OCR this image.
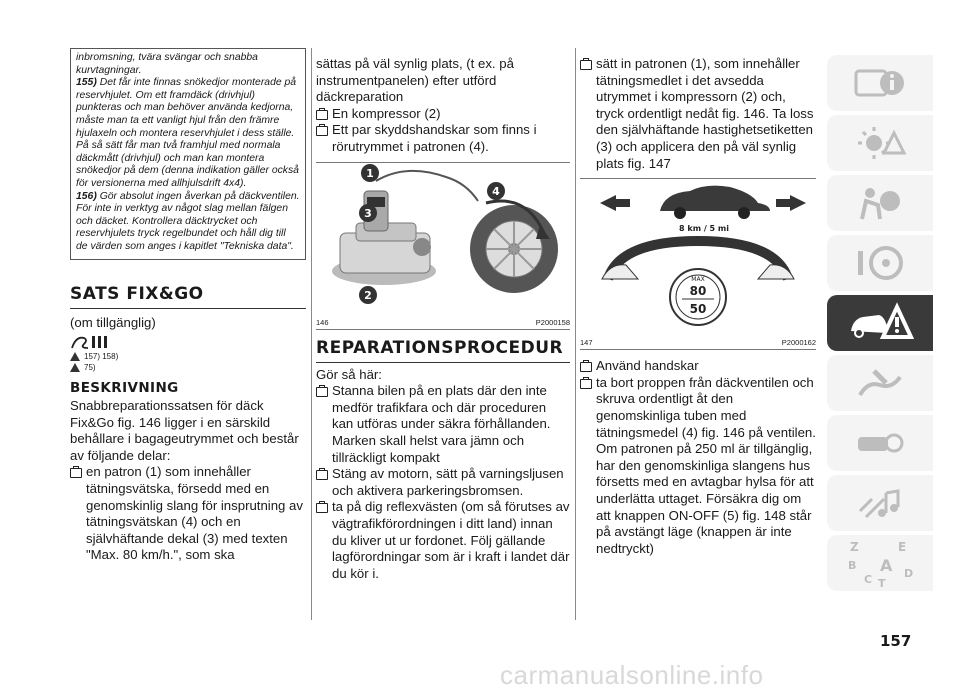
inbromsning, tvära svängar och snabba kurvtagningar.

155) Det får inte finnas snökedjor monterade på reservhjulet. Om ett framdäck (drivhjul) punkteras och man behöver använda kedjorna, måste man ta ett vanligt hjul från den främre hjulaxeln och montera reservhjulet i dess ställe. På så sätt får man två framhjul med normala däckmått (drivhjul) och man kan montera snökedjor på dem (denna indikation gäller också för versionerna med allhjulsdrift 4x4).

156) Gör absolut ingen åverkan på däckventilen. För inte in verktyg av något slag mellan fälgen och däcket. Kontrollera däcktrycket och reservhjulets tryck regelbundet och håll dig till de värden som anges i kapitlet "Tekniska data".

SATS FIX&GO

(om tillgänglig)

157) 158)
75)
BESKRIVNING

Snabbreparationssatsen för däck Fix&Go fig. 146 ligger i en särskild behållare i bagageutrymmet och består av följande delar:

en patron (1) som innehåller tätningsvätska, försedd med en genomskinlig slang för insprutning av tätningsvätskan (4) och en självhäftande dekal (3) med texten "Max. 80 km/h.", som ska

sättas på väl synlig plats, (t ex. på instrumentpanelen) efter utförd däckreparation

En kompressor (2)
Ett par skyddshandskar som finns i rörutrymmet i patronen (4).
1
3
4
2
146	P2000158
REPARATIONSPROCEDUR

Gör så här:

Stanna bilen på en plats där den inte medför trafikfara och där proceduren kan utföras under säkra förhållanden. Marken skall helst vara jämn och tillräckligt kompakt
Stäng av motorn, sätt på varningsljusen och aktivera parkeringsbromsen.
ta på dig reflexvästen (om så förutses av vägtrafikförordningen i ditt land) innan du kliver ut ur fordonet. Följ gällande lagförordningar som är i kraft i landet där du kör i.
sätt in patronen (1), som innehåller tätningsmedlet i det avsedda utrymmet i kompressorn (2) och, tryck ordentligt nedåt fig. 146. Ta loss den självhäftande hastighetsetiketten (3) och applicera den på väl synlig plats fig. 147
8 km / 5 mi
MAX
80
50
147	P2000162
Använd handskar
ta bort proppen från däckventilen och skruva ordentligt åt den genomskinliga tuben med tätningsmedel (4) fig. 146 på ventilen. Om patronen på 250 ml är tillgänglig, har den genomskinliga slangens hus försetts med en avtagbar hylsa för att underlätta uttaget. Försäkra dig om att knappen ON-OFF (5) fig. 148 står på avstängt läge (knappen är inte nedtryckt)	Z	E
B A
C	D
T
157
carmanualsonline.info
